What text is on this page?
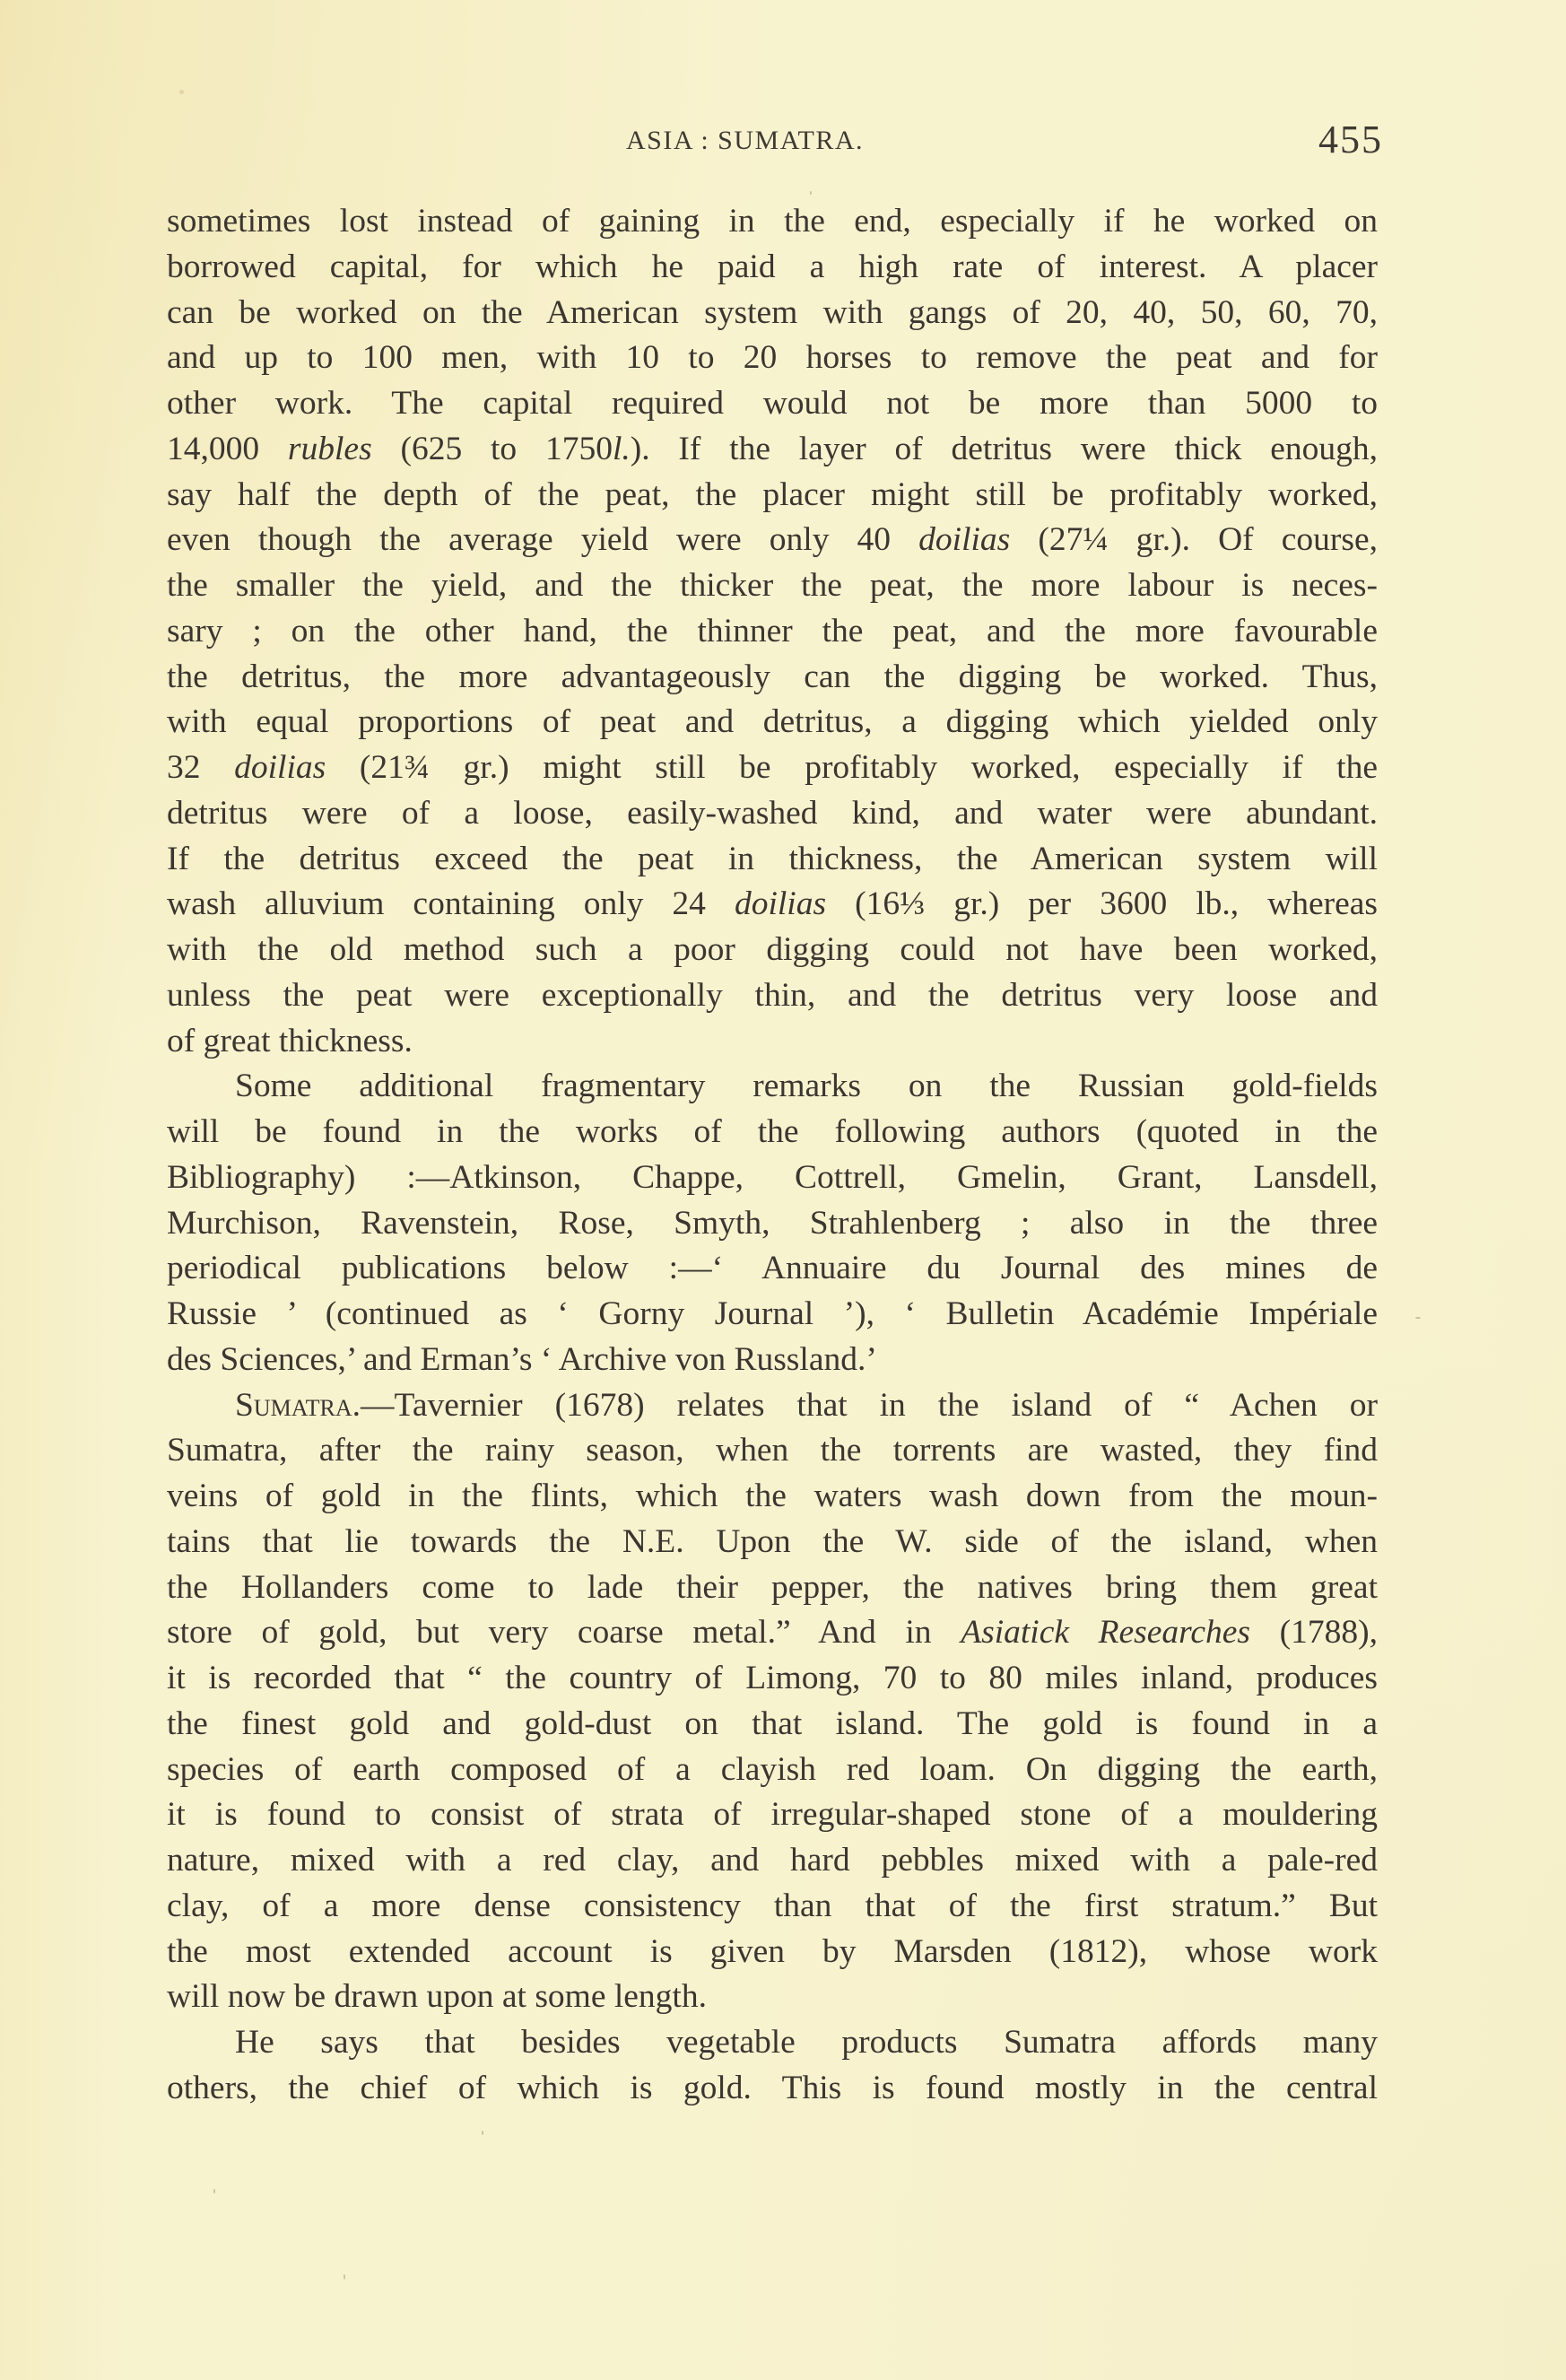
ASIA : SUMATRA.	455
sometimes lost instead of gaining in the end, especially if he worked on
borrowed capital, for which he paid a high rate of interest. A placer
can be worked on the American system with gangs of 20, 40, 50, 60, 70,
and up to 100 men, with 10 to 20 horses to remove the peat and for
other work. The capital required would not be more than 5000 to
14,000 rubles (625 to 1750l.). If the layer of detritus were thick enough,
say half the depth of the peat, the placer might still be profitably worked,
even though the average yield were only 40 doilias (27¼ gr.). Of course,
the smaller the yield, and the thicker the peat, the more labour is neces-
sary ; on the other hand, the thinner the peat, and the more favourable
the detritus, the more advantageously can the digging be worked. Thus,
with equal proportions of peat and detritus, a digging which yielded only
32 doilias (21¾ gr.) might still be profitably worked, especially if the
detritus were of a loose, easily-washed kind, and water were abundant.
If the detritus exceed the peat in thickness, the American system will
wash alluvium containing only 24 doilias (16⅓ gr.) per 3600 lb., whereas
with the old method such a poor digging could not have been worked,
unless the peat were exceptionally thin, and the detritus very loose and
of great thickness.
Some additional fragmentary remarks on the Russian gold-fields
will be found in the works of the following authors (quoted in the
Bibliography) :—Atkinson, Chappe, Cottrell, Gmelin, Grant, Lansdell,
Murchison, Ravenstein, Rose, Smyth, Strahlenberg ; also in the three
periodical publications below :—‘ Annuaire du Journal des mines de
Russie ’ (continued as ‘ Gorny Journal ’), ‘ Bulletin Académie Impériale
des Sciences,’ and Erman’s ‘ Archive von Russland.’
Sumatra.—Tavernier (1678) relates that in the island of “ Achen or
Sumatra, after the rainy season, when the torrents are wasted, they find
veins of gold in the flints, which the waters wash down from the moun-
tains that lie towards the N.E. Upon the W. side of the island, when
the Hollanders come to lade their pepper, the natives bring them great
store of gold, but very coarse metal.” And in Asiatick Researches (1788),
it is recorded that “ the country of Limong, 70 to 80 miles inland, produces
the finest gold and gold-dust on that island. The gold is found in a
species of earth composed of a clayish red loam. On digging the earth,
it is found to consist of strata of irregular-shaped stone of a mouldering
nature, mixed with a red clay, and hard pebbles mixed with a pale-red
clay, of a more dense consistency than that of the first stratum.” But
the most extended account is given by Marsden (1812), whose work
will now be drawn upon at some length.
He says that besides vegetable products Sumatra affords many
others, the chief of which is gold. This is found mostly in the central
